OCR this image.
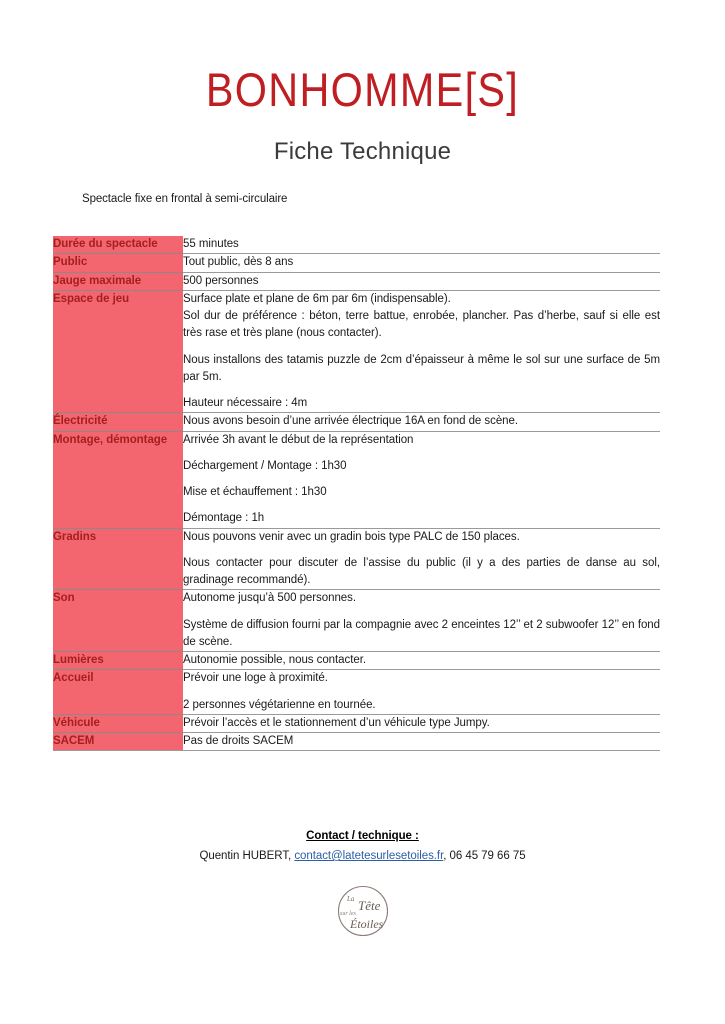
BONHOMME[S]
Fiche Technique

Spectacle fixe en frontal à semi-circulaire

Durée du spectacle	55 minutes

Public	Tout public, dès 8 ans

Jauge maximale	500 personnes

Espace de jeu	Surface plate et plane de 6m par 6m (indispensable).

Sol dur de préférence : béton, terre battue, enrobée, plancher. Pas d’herbe, sauf si elle est très rase et très plane (nous contacter).

Nous installons des tatamis puzzle de 2cm d’épaisseur à même le sol sur une surface de 5m par 5m.

Hauteur nécessaire : 4m

Électricité	Nous avons besoin d’une arrivée électrique 16A en fond de scène.

Montage, démontage	Arrivée 3h avant le début de la représentation

Déchargement / Montage : 1h30

Mise et échauffement : 1h30

Démontage : 1h

Gradins	Nous pouvons venir avec un gradin bois type PALC de 150 places.

Nous contacter pour discuter de l’assise du public (il y a des parties de danse au sol, gradinage recommandé).

Son	Autonome jusqu’à 500 personnes.

Système de diffusion fourni par la compagnie avec 2 enceintes 12’’ et 2 subwoofer 12’’ en fond de scène.

Lumières	Autonomie possible, nous contacter.

Accueil	Prévoir une loge à proximité.

2 personnes végétarienne en tournée.

Véhicule	Prévoir l’accès et le stationnement d’un véhicule type Jumpy.

SACEM	Pas de droits SACEM

Contact / technique :

Quentin HUBERT, contact@latetesurlesetoiles.fr, 06 45 79 66 75

La Tête
sur les
Étoiles
